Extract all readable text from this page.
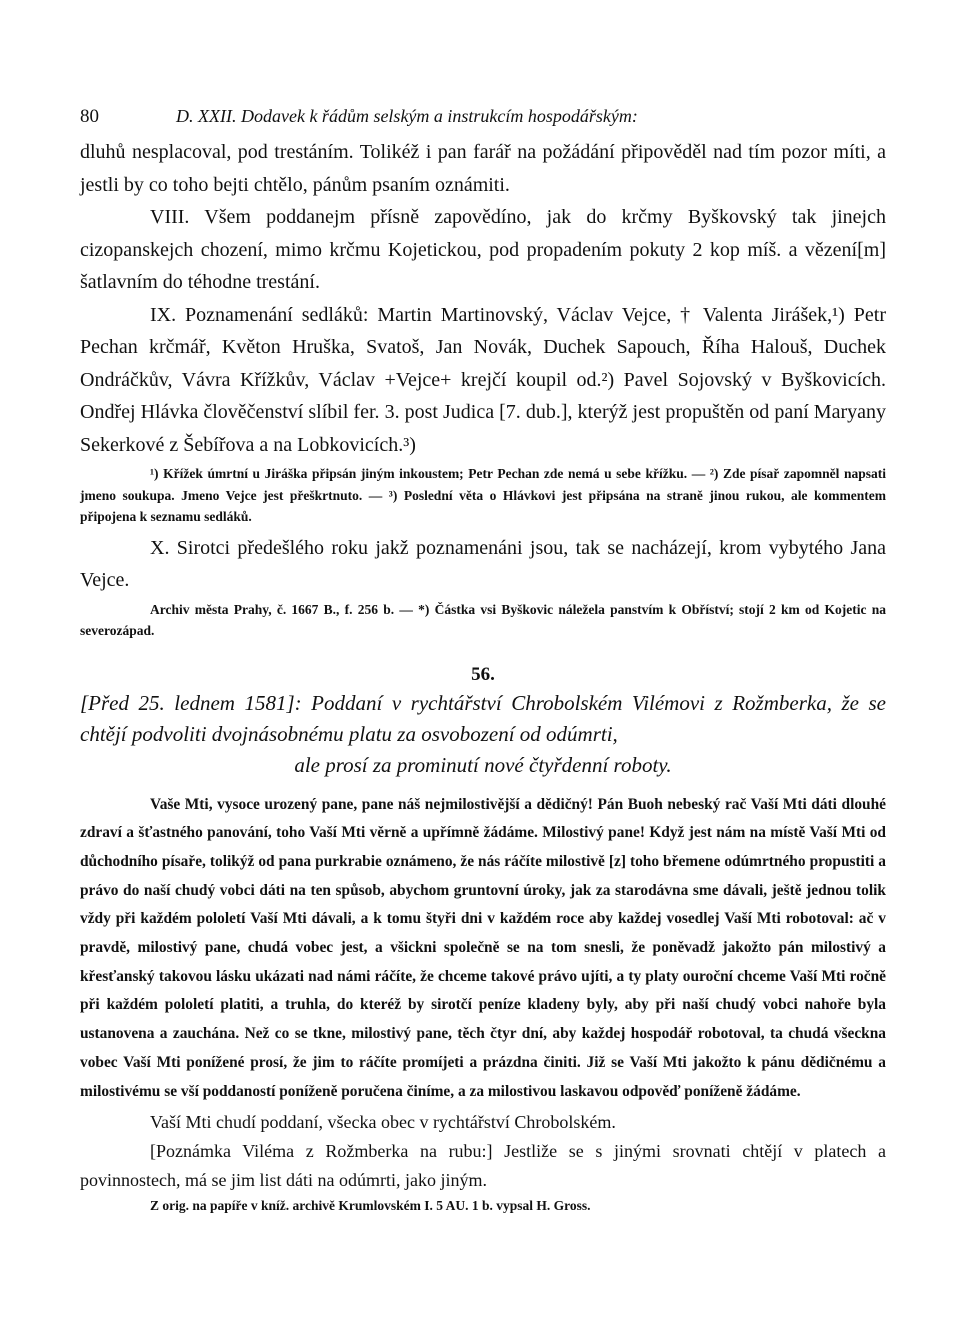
80	D. XXII. Dodavek k řádům selským a instrukcím hospodářským:

dluhů nesplacoval, pod trestáním. Tolikéž i pan farář na požádání připověděl nad tím pozor míti, a jestli by co toho bejti chtělo, pánům psaním oznámiti.

VIII. Všem poddanejm přísně zapovědíno, jak do krčmy Byškovský tak jinejch cizopanskejch chození, mimo krčmu Kojetickou, pod propadením pokuty 2 kop míš. a vězení[m] šatlavním do téhodne trestání.

IX. Poznamenání sedláků: Martin Martinovský, Václav Vejce, † Valenta Jirášek,¹) Petr Pechan krčmář, Květon Hruška, Svatoš, Jan Novák, Duchek Sapouch, Říha Halouš, Duchek Ondráčkův, Vávra Křížkův, Václav +Vejce+ krejčí koupil od.²) Pavel Sojovský v Byškovicích. Ondřej Hlávka člověčenství slíbil fer. 3. post Judica [7. dub.], kterýž jest propuštěn od paní Maryany Sekerkové z Šebířova a na Lobkovicích.³)

¹) Křížek úmrtní u Jiráška připsán jiným inkoustem; Petr Pechan zde nemá u sebe křížku. — ²) Zde písař zapomněl napsati jmeno soukupa. Jmeno Vejce jest přeškrtnuto. — ³) Poslední věta o Hlávkovi jest připsána na straně jinou rukou, ale kommentem připojena k seznamu sedláků.

X. Sirotci předešlého roku jakž poznamenáni jsou, tak se nacházejí, krom vybytého Jana Vejce.

Archiv města Prahy, č. 1667 B., f. 256 b. — *) Částka vsi Byškovic náležela panstvím k Obříství; stojí 2 km od Kojetic na severozápad.

56.
[Před 25. lednem 1581]: Poddaní v rychtářství Chrobolském Vilémovi z Rožmberka, že se chtějí podvoliti dvojnásobnému platu za osvobození od odúmrti,
ale prosí za prominutí nové čtyřdenní roboty.

Vaše Mti, vysoce urozený pane, pane náš nejmilostivější a dědičný! Pán Buoh nebeský rač Vaší Mti dáti dlouhé zdraví a šťastného panování, toho Vaší Mti věrně a upřímně žádáme. Milostivý pane! Když jest nám na místě Vaší Mti od důchodního písaře, tolikýž od pana purkrabie oznámeno, že nás ráčíte milostivě [z] toho břemene odúmrtného propustiti a právo do naší chudý vobci dáti na ten spůsob, abychom gruntovní úroky, jak za starodávna sme dávali, ještě jednou tolik vždy při každém pololetí Vaší Mti dávali, a k tomu štyři dni v každém roce aby každej vosedlej Vaší Mti robotoval: ač v pravdě, milostivý pane, chudá vobec jest, a všickni společně se na tom snesli, že poněvadž jakožto pán milostivý a křesťanský takovou lásku ukázati nad námi ráčíte, že chceme takové právo ujíti, a ty platy ouroční chceme Vaší Mti ročně při každém pololetí platiti, a truhla, do kteréž by sirotčí peníze kladeny byly, aby při naší chudý vobci nahoře byla ustanovena a zauchána. Než co se tkne, milostivý pane, těch čtyr dní, aby každej hospodář robotoval, ta chudá všeckna vobec Vaší Mti ponížené prosí, že jim to ráčíte promíjeti a prázdna činiti. Již se Vaší Mti jakožto k pánu dědičnému a milostivému se vší poddaností poníženě poručena činíme, a za milostivou laskavou odpověď poníženě žádáme.

Vaší Mti chudí poddaní, všecka obec v rychtářství Chrobolském.

[Poznámka Viléma z Rožmberka na rubu:] Jestliže se s jinými srovnati chtějí v platech a povinnostech, má se jim list dáti na odúmrti, jako jiným.

Z orig. na papíře v kníž. archivě Krumlovském I. 5 AU. 1 b. vypsal H. Gross.
